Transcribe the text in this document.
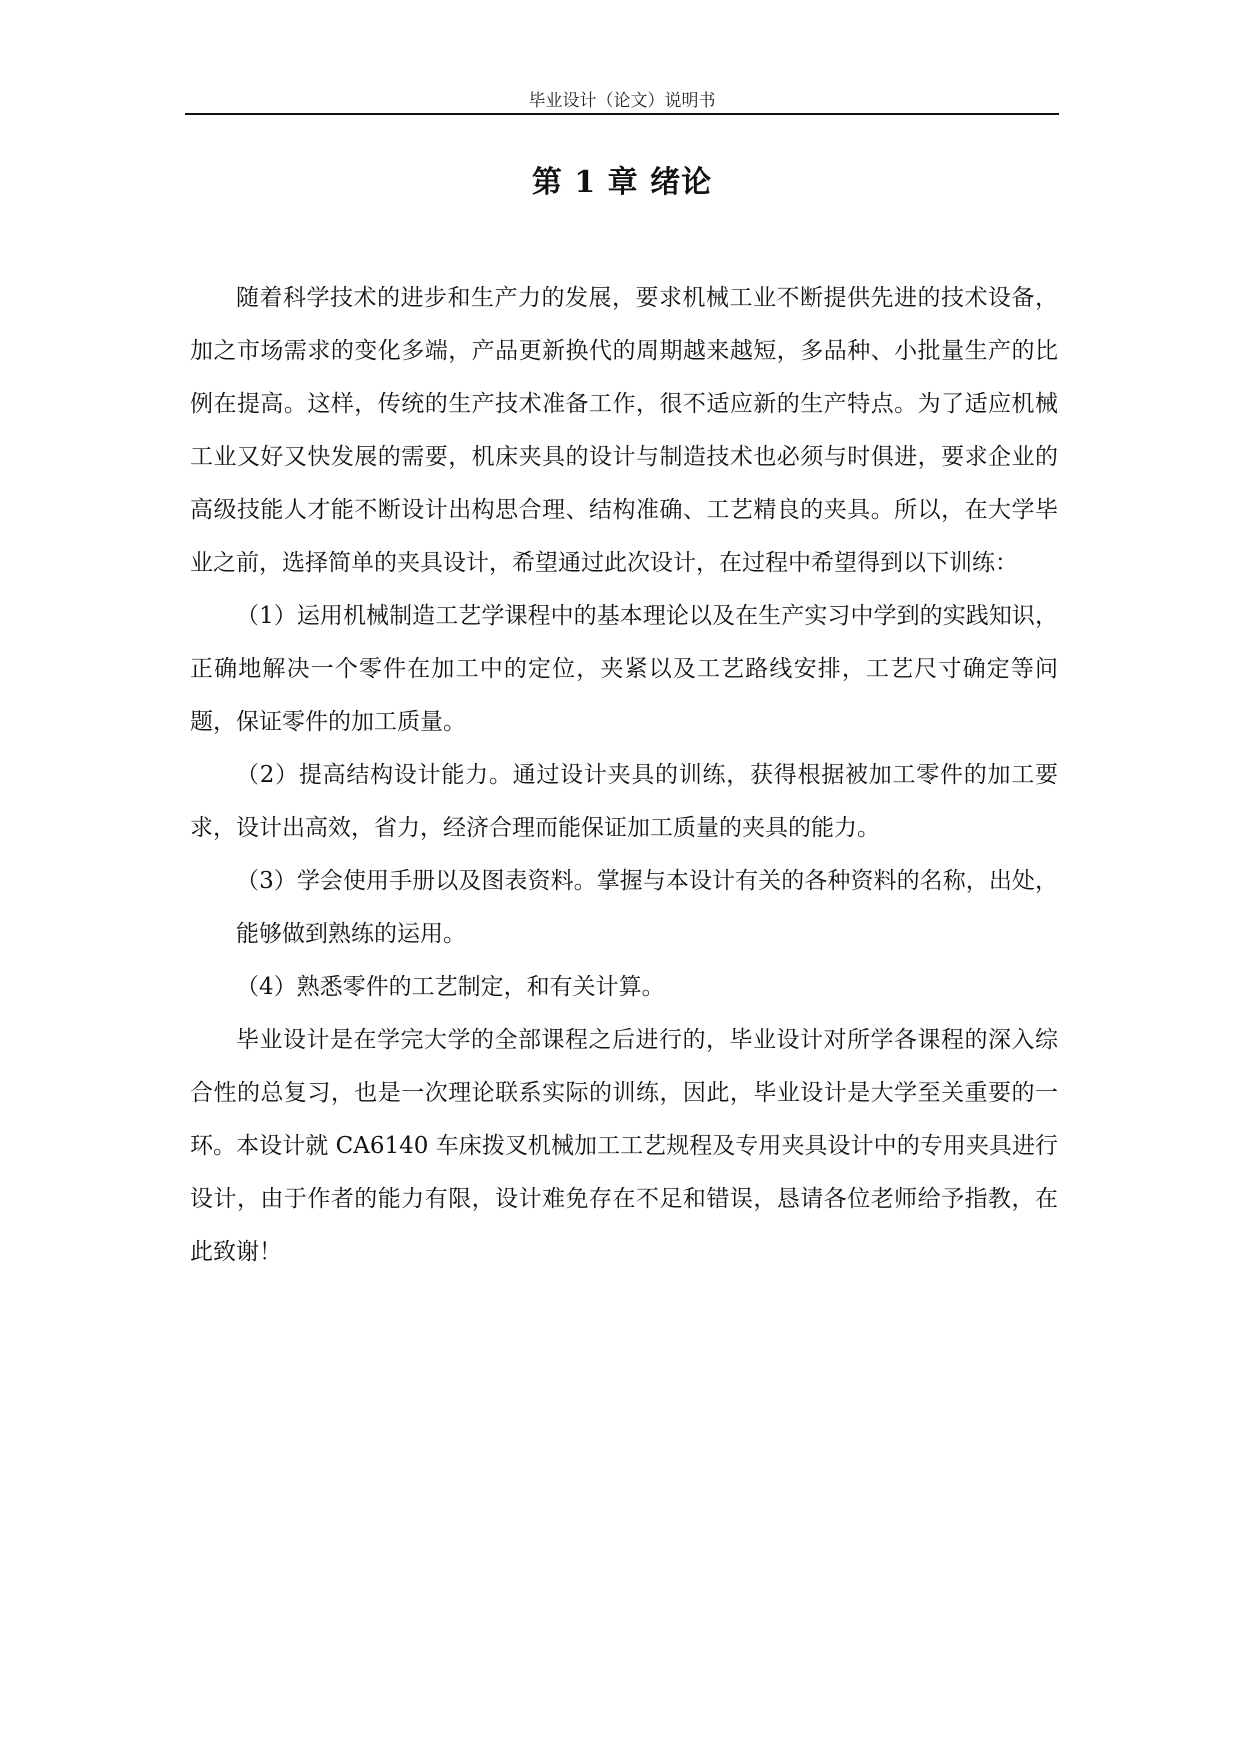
毕业设计（论文）说明书
第 1 章 绪论

随着科学技术的进步和生产力的发展，要求机械工业不断提供先进的技术设备，加之市场需求的变化多端，产品更新换代的周期越来越短，多品种、小批量生产的比例在提高。这样，传统的生产技术准备工作，很不适应新的生产特点。为了适应机械工业又好又快发展的需要，机床夹具的设计与制造技术也必须与时俱进，要求企业的高级技能人才能不断设计出构思合理、结构准确、工艺精良的夹具。所以，在大学毕业之前，选择简单的夹具设计，希望通过此次设计，在过程中希望得到以下训练：

（1）运用机械制造工艺学课程中的基本理论以及在生产实习中学到的实践知识，正确地解决一个零件在加工中的定位，夹紧以及工艺路线安排，工艺尺寸确定等问题，保证零件的加工质量。

（2）提高结构设计能力。通过设计夹具的训练，获得根据被加工零件的加工要求，设计出高效，省力，经济合理而能保证加工质量的夹具的能力。

（3）学会使用手册以及图表资料。掌握与本设计有关的各种资料的名称，出处，能够做到熟练的运用。

（4）熟悉零件的工艺制定，和有关计算。

毕业设计是在学完大学的全部课程之后进行的，毕业设计对所学各课程的深入综合性的总复习，也是一次理论联系实际的训练，因此，毕业设计是大学至关重要的一环。本设计就 CA6140 车床拨叉机械加工工艺规程及专用夹具设计中的专用夹具进行设计，由于作者的能力有限，设计难免存在不足和错误，恳请各位老师给予指教，在此致谢！
